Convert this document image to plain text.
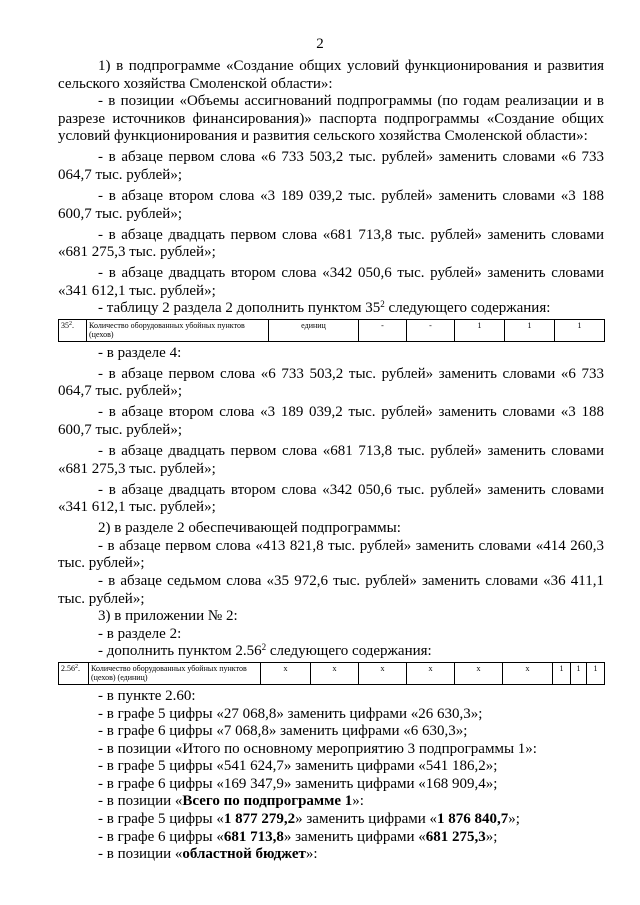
2

1) в подпрограмме «Создание общих условий функционирования и развития сельского хозяйства Смоленской области»:

- в позиции «Объемы ассигнований подпрограммы (по годам реализации и в разрезе источников финансирования)» паспорта подпрограммы «Создание общих условий функционирования и развития сельского хозяйства Смоленской области»:

- в абзаце первом слова «6 733 503,2 тыс. рублей» заменить словами «6 733 064,7 тыс. рублей»;

- в абзаце втором слова «3 189 039,2 тыс. рублей» заменить словами «3 188 600,7 тыс. рублей»;

- в абзаце двадцать первом слова «681 713,8 тыс. рублей» заменить словами «681 275,3 тыс. рублей»;

- в абзаце двадцать втором слова «342 050,6 тыс. рублей» заменить словами «341 612,1 тыс. рублей»;

- таблицу 2 раздела 2 дополнить пунктом $35^2$ следующего содержания:

$35^2$.	Количество оборудованных убойных пунктов (цехов)	единиц	-	-	1	1	1

- в разделе 4:

- в абзаце первом слова «6 733 503,2 тыс. рублей» заменить словами «6 733 064,7 тыс. рублей»;

- в абзаце втором слова «3 189 039,2 тыс. рублей» заменить словами «3 188 600,7 тыс. рублей»;

- в абзаце двадцать первом слова «681 713,8 тыс. рублей» заменить словами «681 275,3 тыс. рублей»;

- в абзаце двадцать втором слова «342 050,6 тыс. рублей» заменить словами «341 612,1 тыс. рублей»;

2) в разделе 2 обеспечивающей подпрограммы:

- в абзаце первом слова «413 821,8 тыс. рублей» заменить словами «414 260,3 тыс. рублей»;

- в абзаце седьмом слова «35 972,6 тыс. рублей» заменить словами «36 411,1 тыс. рублей»;

3) в приложении № 2:

- в разделе 2:

- дополнить пунктом 2.56$^2$ следующего содержания:

2.56$^2$.	Количество оборудованных убойных пунктов (цехов) (единиц)	х	х	х	х	х	х	1	1	1

- в пункте 2.60:

- в графе 5 цифры «27 068,8» заменить цифрами «26 630,3»;

- в графе 6 цифры «7 068,8» заменить цифрами «6 630,3»;

- в позиции «Итого по основному мероприятию 3 подпрограммы 1»:

- в графе 5 цифры «541 624,7» заменить цифрами «541 186,2»;

- в графе 6 цифры «169 347,9» заменить цифрами «168 909,4»;

- в позиции «Всего по подпрограмме 1»:

- в графе 5 цифры «1 877 279,2» заменить цифрами «1 876 840,7»;

- в графе 6 цифры «681 713,8» заменить цифрами «681 275,3»;

- в позиции «областной бюджет»:
